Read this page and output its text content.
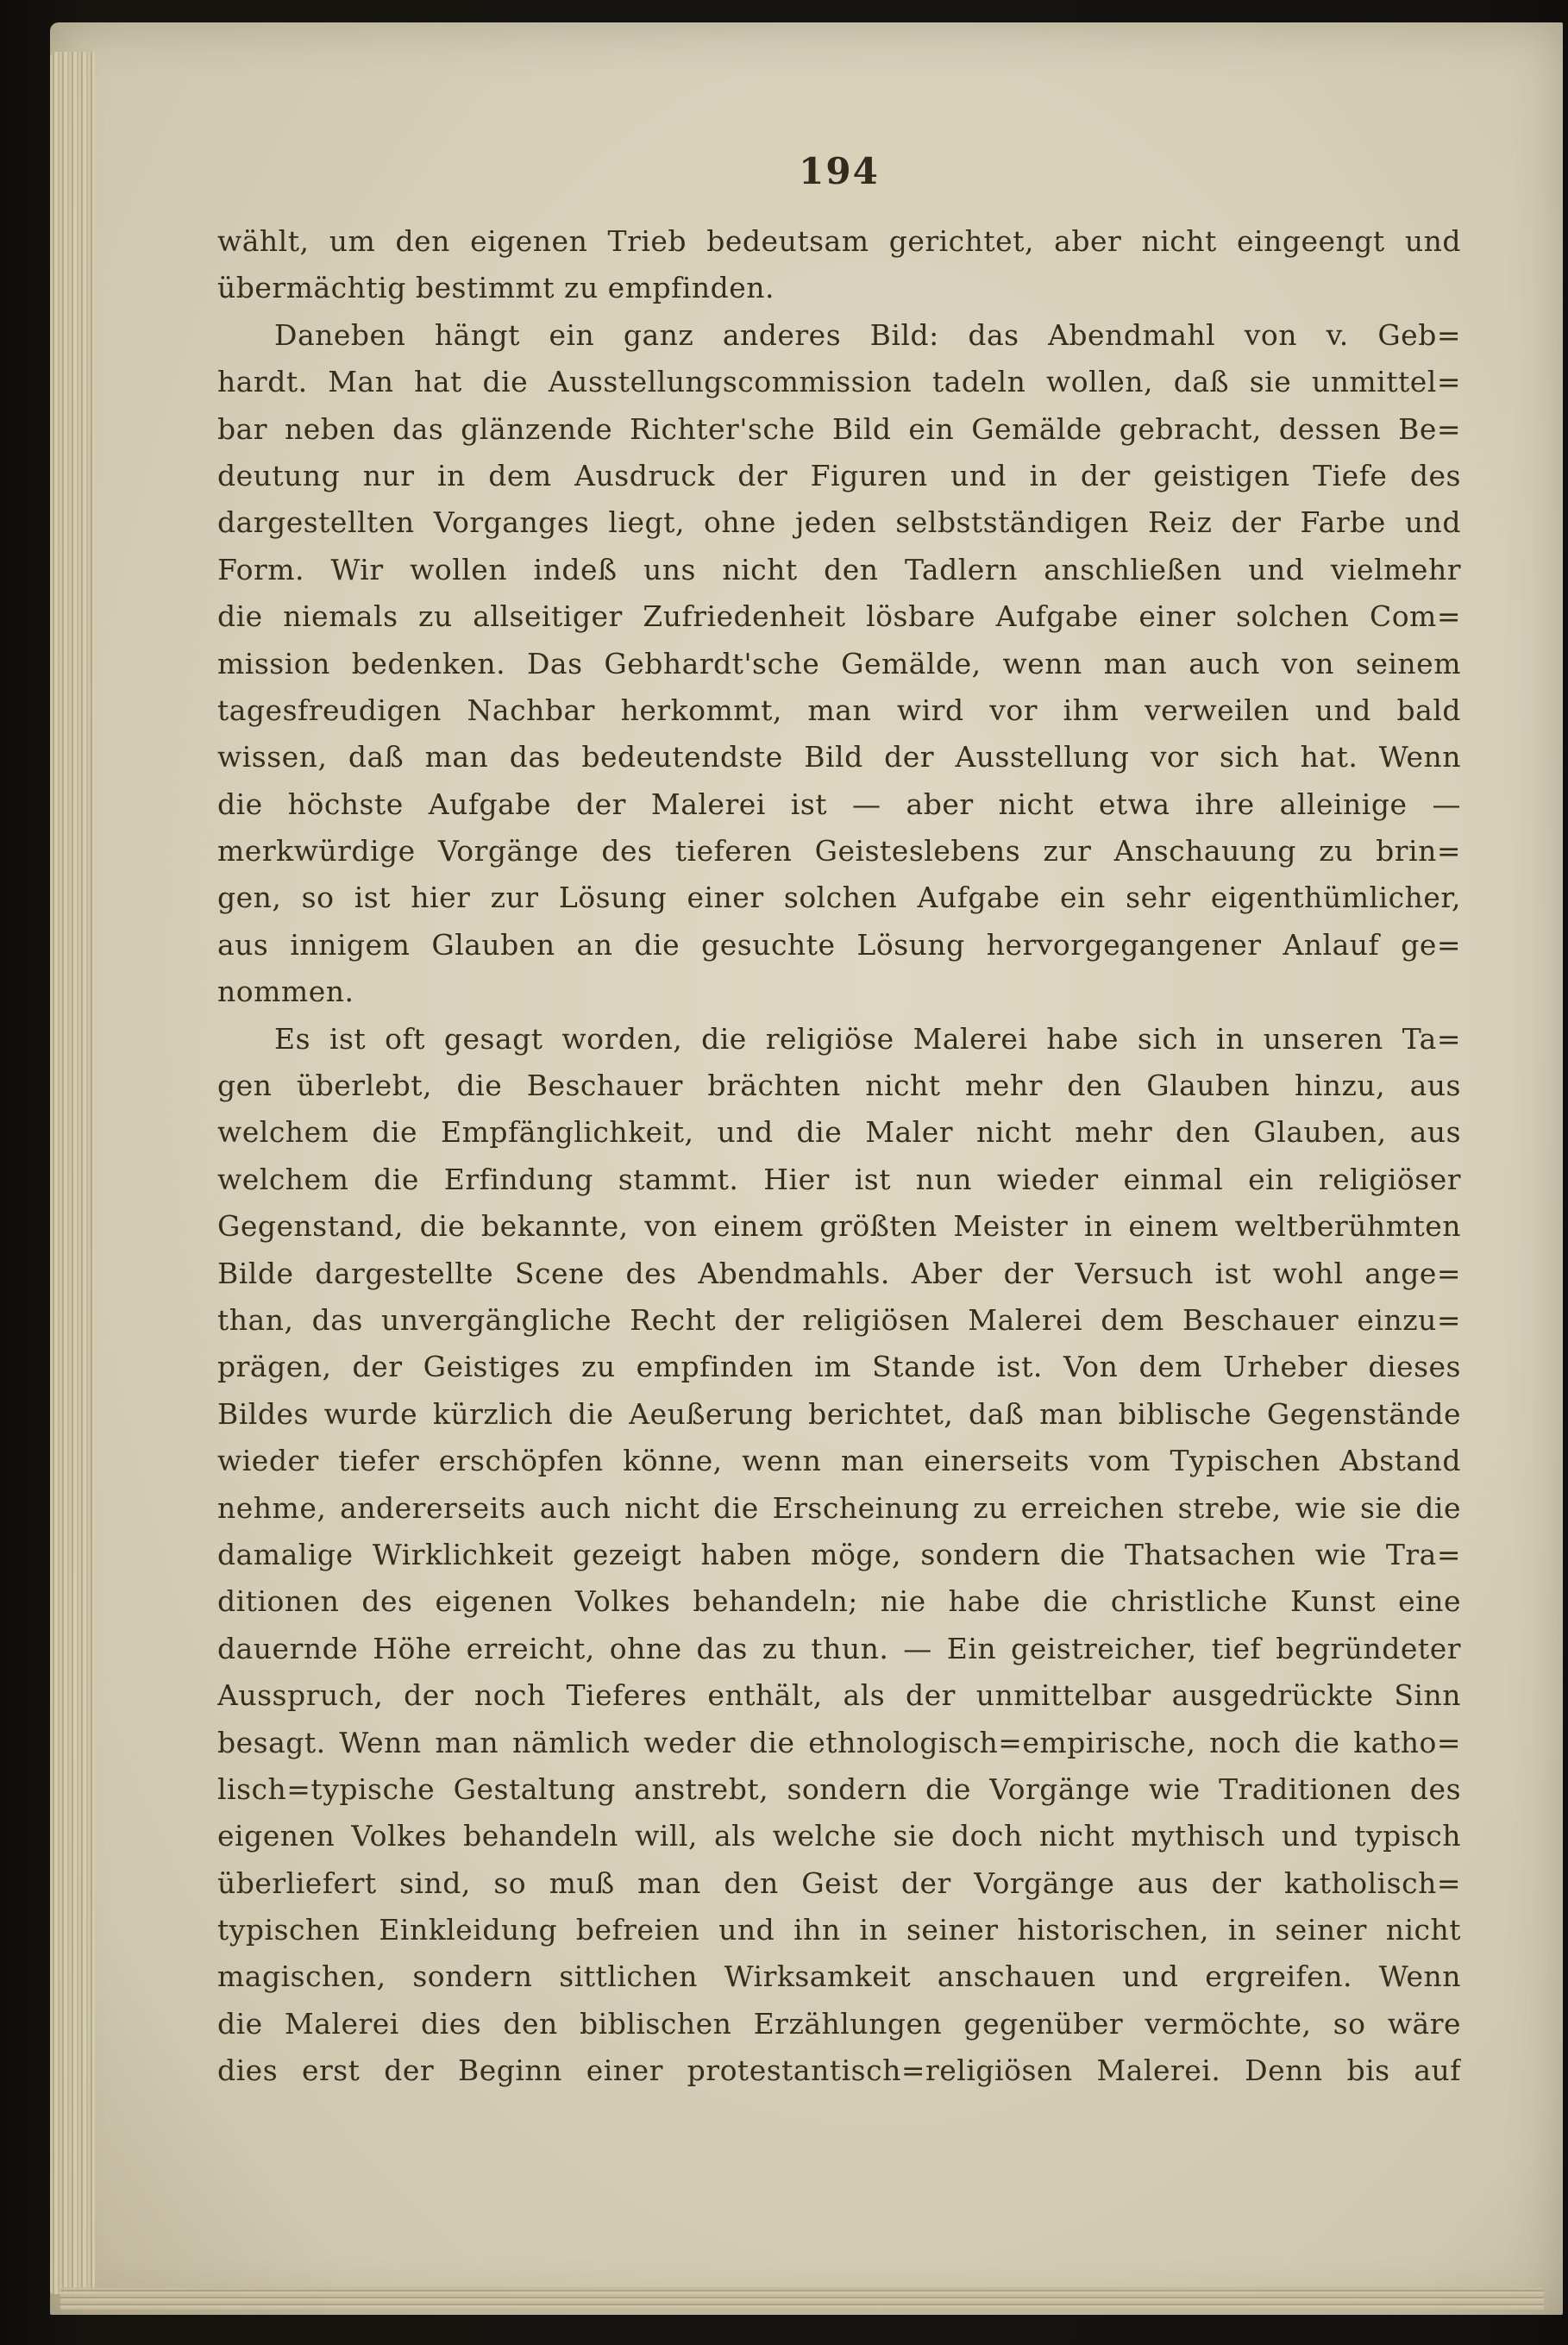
194
wählt, um den eigenen Trieb bedeutsam gerichtet, aber nicht eingeengt und
übermächtig bestimmt zu empfinden.
Daneben hängt ein ganz anderes Bild: das Abendmahl von v. Geb=
hardt. Man hat die Ausstellungscommission tadeln wollen, daß sie unmittel=
bar neben das glänzende Richter'sche Bild ein Gemälde gebracht, dessen Be=
deutung nur in dem Ausdruck der Figuren und in der geistigen Tiefe des
dargestellten Vorganges liegt, ohne jeden selbstständigen Reiz der Farbe und
Form. Wir wollen indeß uns nicht den Tadlern anschließen und vielmehr
die niemals zu allseitiger Zufriedenheit lösbare Aufgabe einer solchen Com=
mission bedenken. Das Gebhardt'sche Gemälde, wenn man auch von seinem
tagesfreudigen Nachbar herkommt, man wird vor ihm verweilen und bald
wissen, daß man das bedeutendste Bild der Ausstellung vor sich hat. Wenn
die höchste Aufgabe der Malerei ist — aber nicht etwa ihre alleinige —
merkwürdige Vorgänge des tieferen Geisteslebens zur Anschauung zu brin=
gen, so ist hier zur Lösung einer solchen Aufgabe ein sehr eigenthümlicher,
aus innigem Glauben an die gesuchte Lösung hervorgegangener Anlauf ge=
nommen.
Es ist oft gesagt worden, die religiöse Malerei habe sich in unseren Ta=
gen überlebt, die Beschauer brächten nicht mehr den Glauben hinzu, aus
welchem die Empfänglichkeit, und die Maler nicht mehr den Glauben, aus
welchem die Erfindung stammt. Hier ist nun wieder einmal ein religiöser
Gegenstand, die bekannte, von einem größten Meister in einem weltberühmten
Bilde dargestellte Scene des Abendmahls. Aber der Versuch ist wohl ange=
than, das unvergängliche Recht der religiösen Malerei dem Beschauer einzu=
prägen, der Geistiges zu empfinden im Stande ist. Von dem Urheber dieses
Bildes wurde kürzlich die Aeußerung berichtet, daß man biblische Gegenstände
wieder tiefer erschöpfen könne, wenn man einerseits vom Typischen Abstand
nehme, andererseits auch nicht die Erscheinung zu erreichen strebe, wie sie die
damalige Wirklichkeit gezeigt haben möge, sondern die Thatsachen wie Tra=
ditionen des eigenen Volkes behandeln; nie habe die christliche Kunst eine
dauernde Höhe erreicht, ohne das zu thun. — Ein geistreicher, tief begründeter
Ausspruch, der noch Tieferes enthält, als der unmittelbar ausgedrückte Sinn
besagt. Wenn man nämlich weder die ethnologisch=empirische, noch die katho=
lisch=typische Gestaltung anstrebt, sondern die Vorgänge wie Traditionen des
eigenen Volkes behandeln will, als welche sie doch nicht mythisch und typisch
überliefert sind, so muß man den Geist der Vorgänge aus der katholisch=
typischen Einkleidung befreien und ihn in seiner historischen, in seiner nicht
magischen, sondern sittlichen Wirksamkeit anschauen und ergreifen. Wenn
die Malerei dies den biblischen Erzählungen gegenüber vermöchte, so wäre
dies erst der Beginn einer protestantisch=religiösen Malerei. Denn bis auf
